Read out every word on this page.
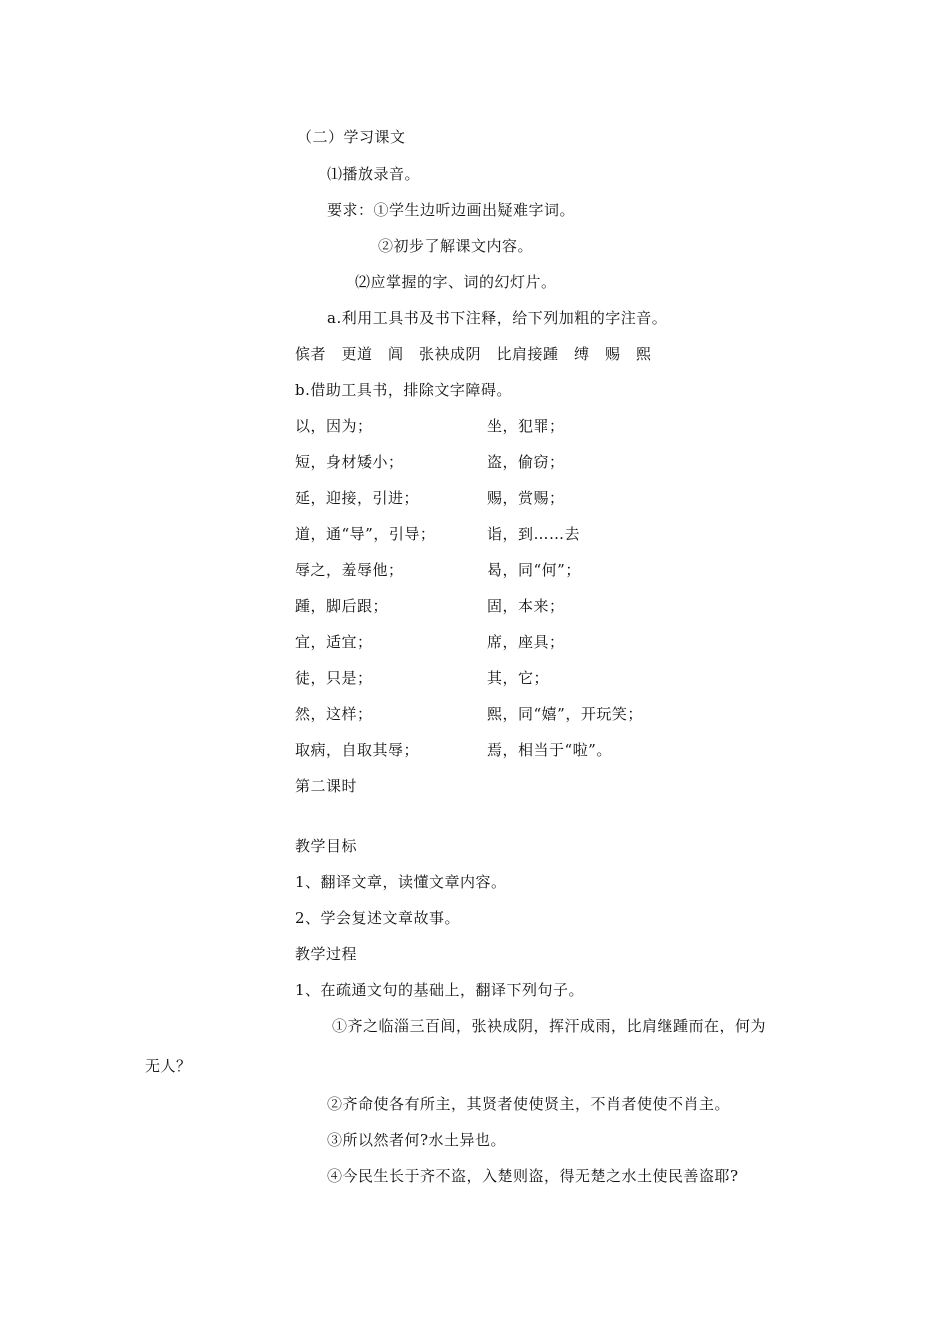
（二）学习课文
⑴播放录音。
要求：①学生边听边画出疑难字词。
②初步了解课文内容。
⑵应掌握的字、词的幻灯片。
a.利用工具书及书下注释，给下列加粗的字注音。
傧者　更道　阊　张袂成阴　比肩接踵　缚　赐　熙
b.借助工具书，排除文字障碍。
以，因为；	坐，犯罪；
短，身材矮小；	盗，偷窃；
延，迎接，引进；	赐，赏赐；
道，通“导”，引导；	诣，到……去
辱之，羞辱他；	曷，同“何”；
踵，脚后跟；	固，本来；
宜，适宜；	席，座具；
徒，只是；	其，它；
然，这样；	熙，同“嬉”，开玩笑；
取病，自取其辱；	焉，相当于“啦”。
第二课时
教学目标
1、翻译文章，读懂文章内容。
2、学会复述文章故事。
教学过程
1、在疏通文句的基础上，翻译下列句子。
①齐之临淄三百闾，张袂成阴，挥汗成雨，比肩继踵而在，何为
无人？
②齐命使各有所主，其贤者使使贤主，不肖者使使不肖主。
③所以然者何?水土异也。
④今民生长于齐不盗，入楚则盗，得无楚之水土使民善盗耶?
